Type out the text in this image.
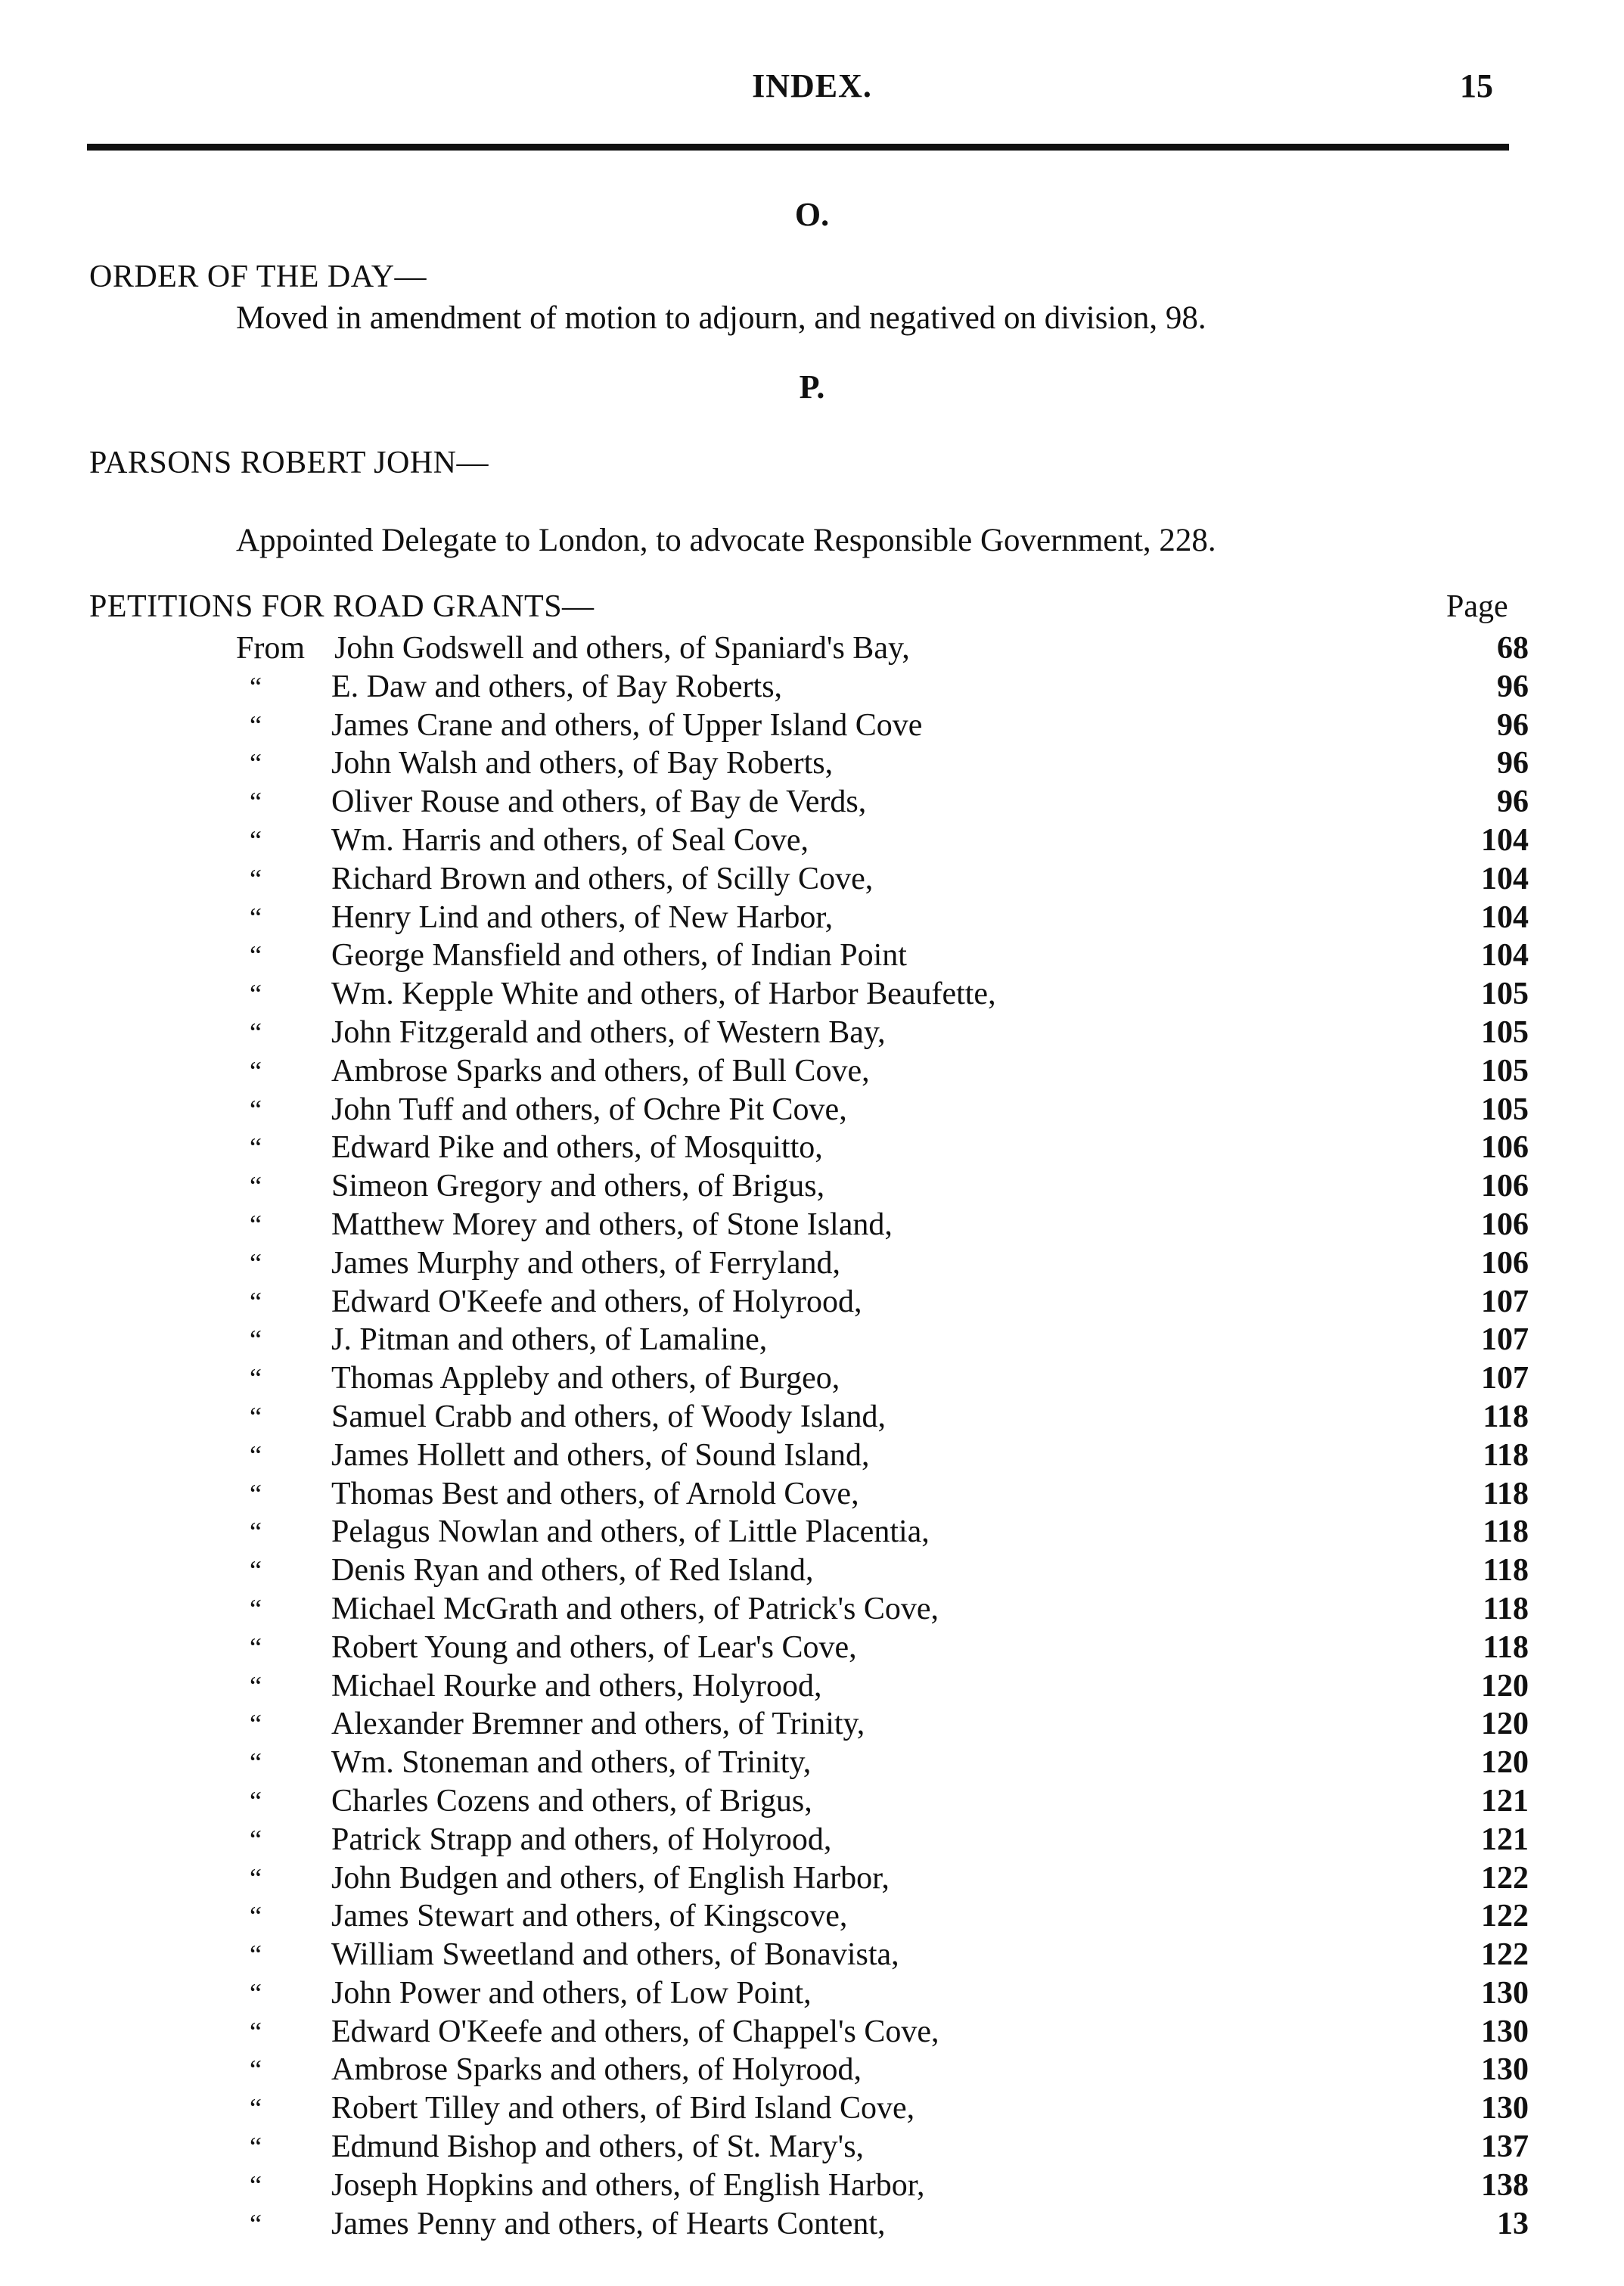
INDEX.	15
O.
ORDER OF THE DAY—
Moved in amendment of motion to adjourn, and negatived on division, 98.
P.
PARSONS ROBERT JOHN—
Appointed Delegate to London, to advocate Responsible Government, 228.
PETITIONS FOR ROAD GRANTS—	Page
From John Godswell and others, of Spaniard's Bay,	68
“ E. Daw and others, of Bay Roberts,	96
“ James Crane and others, of Upper Island Cove	96
“ John Walsh and others, of Bay Roberts,	96
“ Oliver Rouse and others, of Bay de Verds,	96
“ Wm. Harris and others, of Seal Cove,	104
“ Richard Brown and others, of Scilly Cove,	104
“ Henry Lind and others, of New Harbor,	104
“ George Mansfield and others, of Indian Point	104
“ Wm. Kepple White and others, of Harbor Beaufette,	105
“ John Fitzgerald and others, of Western Bay,	105
“ Ambrose Sparks and others, of Bull Cove,	105
“ John Tuff and others, of Ochre Pit Cove,	105
“ Edward Pike and others, of Mosquitto,	106
“ Simeon Gregory and others, of Brigus,	106
“ Matthew Morey and others, of Stone Island,	106
“ James Murphy and others, of Ferryland,	106
“ Edward O'Keefe and others, of Holyrood,	107
“ J. Pitman and others, of Lamaline,	107
“ Thomas Appleby and others, of Burgeo,	107
“ Samuel Crabb and others, of Woody Island,	118
“ James Hollett and others, of Sound Island,	118
“ Thomas Best and others, of Arnold Cove,	118
“ Pelagus Nowlan and others, of Little Placentia,	118
“ Denis Ryan and others, of Red Island,	118
“ Michael McGrath and others, of Patrick's Cove,	118
“ Robert Young and others, of Lear's Cove,	118
“ Michael Rourke and others, Holyrood,	120
“ Alexander Bremner and others, of Trinity,	120
“ Wm. Stoneman and others, of Trinity,	120
“ Charles Cozens and others, of Brigus,	121
“ Patrick Strapp and others, of Holyrood,	121
“ John Budgen and others, of English Harbor,	122
“ James Stewart and others, of Kingscove,	122
“ William Sweetland and others, of Bonavista,	122
“ John Power and others, of Low Point,	130
“ Edward O'Keefe and others, of Chappel's Cove,	130
“ Ambrose Sparks and others, of Holyrood,	130
“ Robert Tilley and others, of Bird Island Cove,	130
“ Edmund Bishop and others, of St. Mary's,	137
“ Joseph Hopkins and others, of English Harbor,	138
“ James Penny and others, of Hearts Content,	13
